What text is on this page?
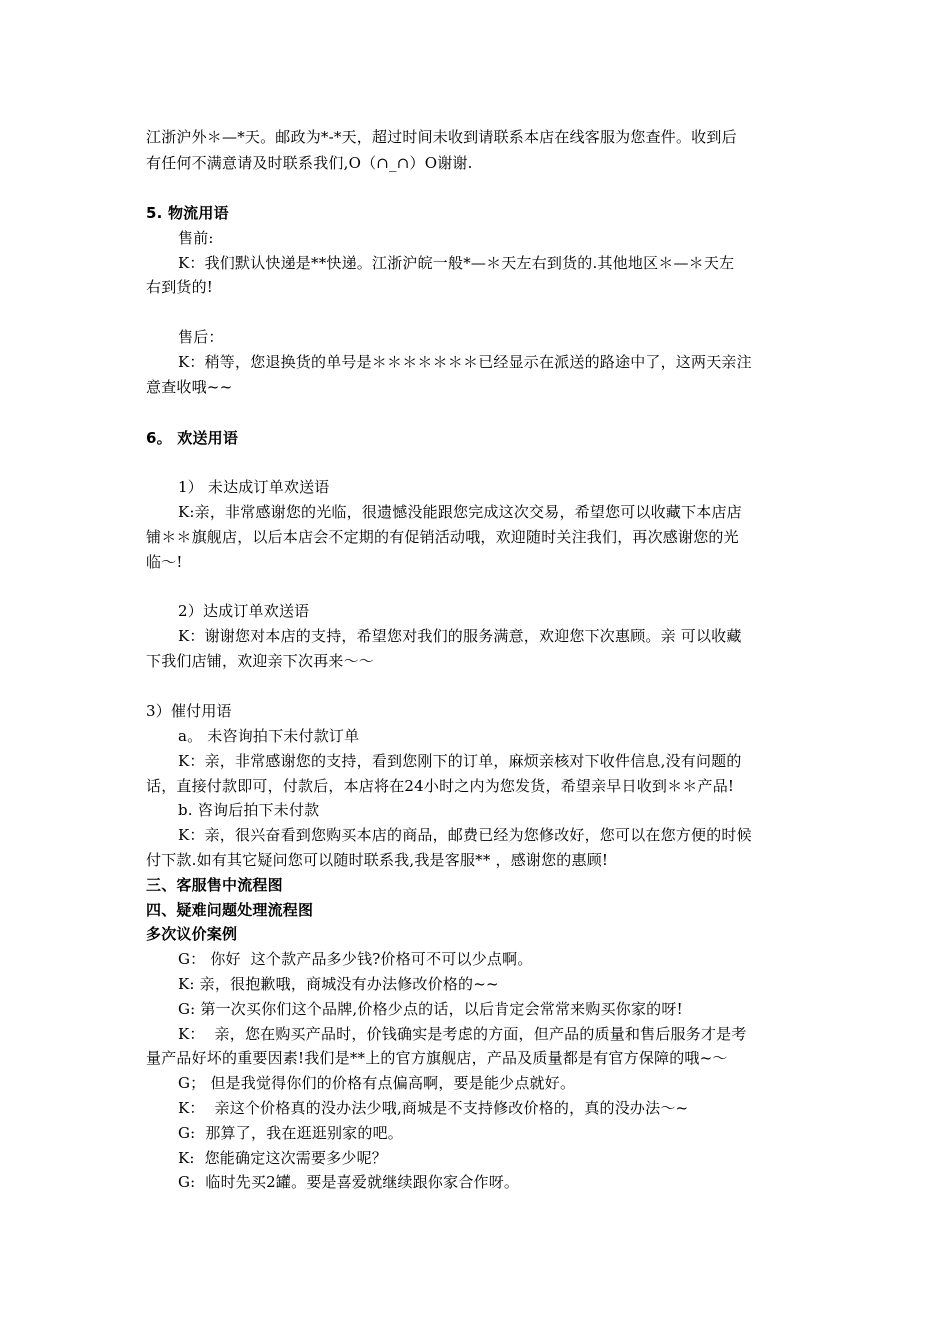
江浙沪外＊—*天。邮政为*-*天，超过时间未收到请联系本店在线客服为您查件。收到后
有任何不满意请及时联系我们,O（∩_∩）O谢谢.
5. 物流用语
售前:
K：我们默认快递是**快递。江浙沪皖一般*—＊天左右到货的.其他地区＊—＊天左
右到货的!
售后：
K：稍等，您退换货的单号是＊＊＊＊＊＊＊已经显示在派送的路途中了，这两天亲注
意查收哦~~
6。 欢送用语
1） 未达成订单欢送语
K:亲，非常感谢您的光临，很遗憾没能跟您完成这次交易，希望您可以收藏下本店店
铺＊＊旗舰店，以后本店会不定期的有促销活动哦，欢迎随时关注我们，再次感谢您的光
临～!
2）达成订单欢送语
K：谢谢您对本店的支持，希望您对我们的服务满意，欢迎您下次惠顾。亲 可以收藏
下我们店铺，欢迎亲下次再来～～
3）催付用语
a。 未咨询拍下未付款订单
K：亲，非常感谢您的支持，看到您刚下的订单，麻烦亲核对下收件信息,没有问题的
话，直接付款即可，付款后，本店将在24小时之内为您发货，希望亲早日收到＊＊产品!
b. 咨询后拍下未付款
K：亲，很兴奋看到您购买本店的商品，邮费已经为您修改好，您可以在您方便的时候
付下款.如有其它疑问您可以随时联系我,我是客服** ，感谢您的惠顾!
三、客服售中流程图
四、疑难问题处理流程图
多次议价案例
G： 你好  这个款产品多少钱?价格可不可以少点啊。
K: 亲，很抱歉哦，商城没有办法修改价格的~~
G: 第一次买你们这个品牌,价格少点的话，以后肯定会常常来购买你家的呀!
K：  亲，您在购买产品时，价钱确实是考虑的方面，但产品的质量和售后服务才是考
量产品好坏的重要因素!我们是**上的官方旗舰店，产品及质量都是有官方保障的哦~～
G； 但是我觉得你们的价格有点偏高啊，要是能少点就好。
K：  亲这个价格真的没办法少哦,商城是不支持修改价格的，真的没办法～~
G:  那算了，我在逛逛别家的吧。
K:  您能确定这次需要多少呢？
G:  临时先买2罐。要是喜爱就继续跟你家合作呀。
